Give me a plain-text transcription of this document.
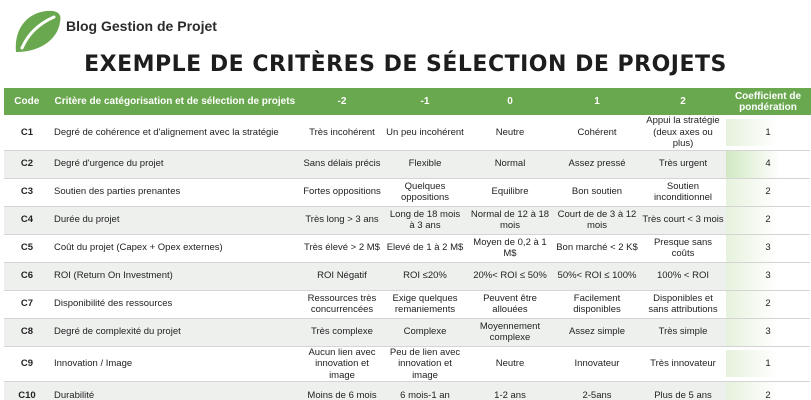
Blog Gestion de Projet
EXEMPLE DE CRITÈRES DE SÉLECTION DE PROJETS
Code	Critère de catégorisation et de sélection de projets	-2	-1	0	1	2	Coefficient de pondération
C1	Degré de cohérence et d'alignement avec la stratégie	Très incohérent	Un peu incohérent	Neutre	Cohérent	Appui la stratégie (deux axes ou plus)	1

C2	Degré d'urgence du projet	Sans délais précis	Flexible	Normal	Assez pressé	Très urgent	4

C3	Soutien des parties prenantes	Fortes oppositions	Quelques oppositions	Equilibre	Bon soutien	Soutien inconditionnel	2

C4	Durée du projet	Très long > 3 ans	Long de 18 mois à 3 ans	Normal de 12 à 18 mois	Court de de 3 à 12 mois	Très court < 3 mois	2

C5	Coût du projet (Capex + Opex externes)	Très élevé > 2 M$	Elevé de 1 à 2 M$	Moyen de 0,2 à 1 M$	Bon marché < 2 K$	Presque sans coûts	3

C6	ROI (Return On Investment)	ROI Négatif	ROI ≤20%	20%< ROI ≤ 50%	50%< ROI ≤ 100%	100% < ROI	3

C7	Disponibilité des ressources	Ressources très concurrencées	Exige quelques remaniements	Peuvent être allouées	Facilement disponibles	Disponibles et sans attributions	2

C8	Degré de complexité du projet	Très complexe	Complexe	Moyennement complexe	Assez simple	Très simple	3

C9	Innovation / Image	Aucun lien avec innovation et image	Peu de lien avec innovation et image	Neutre	Innovateur	Très innovateur	1

C10	Durabilité	Moins de 6 mois	6 mois-1 an	1-2 ans	2-5ans	Plus de 5 ans	2
